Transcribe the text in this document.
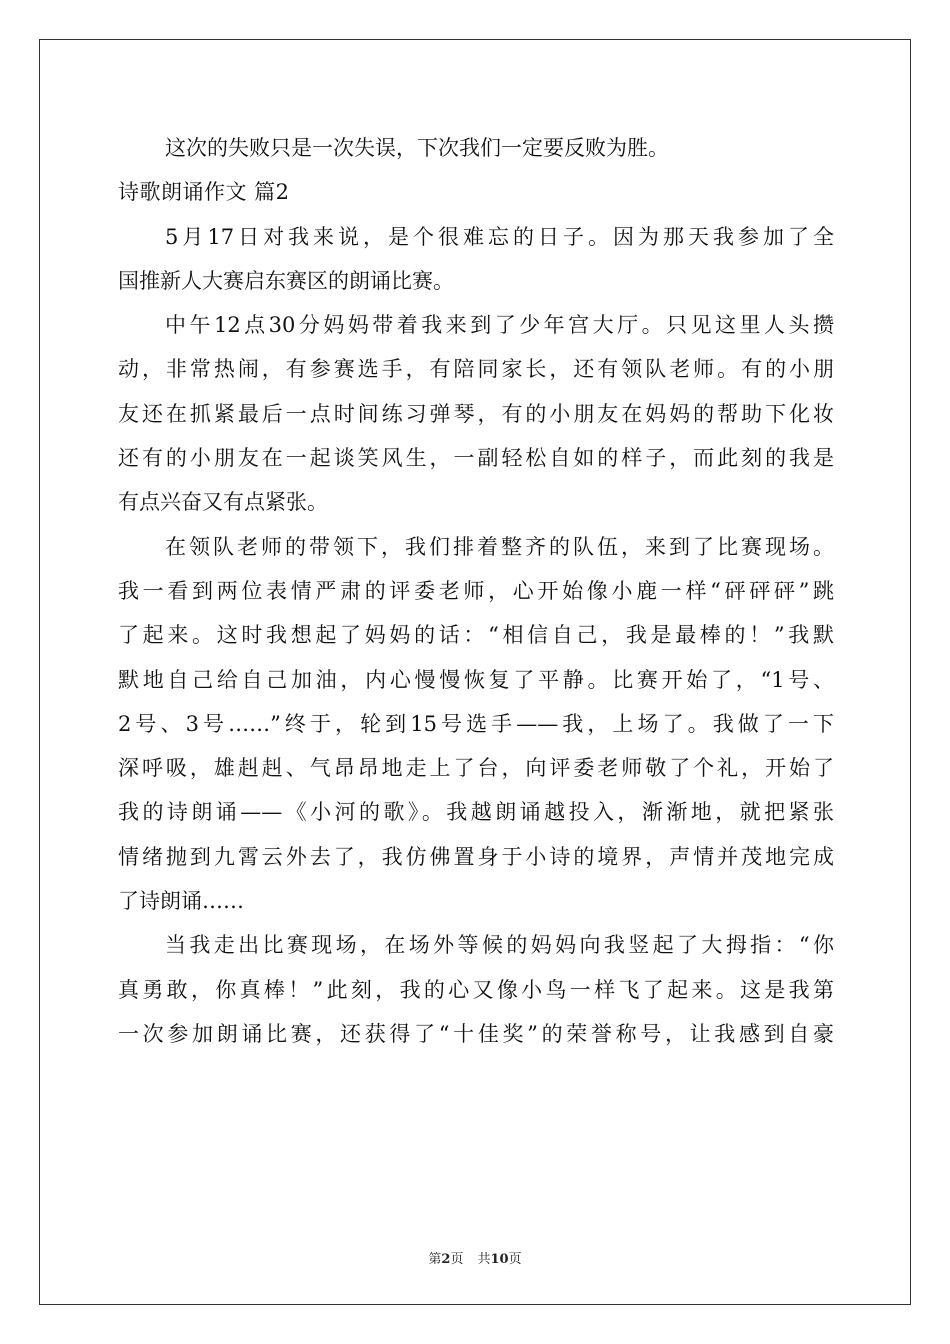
这次的失败只是一次失误，下次我们一定要反败为胜。
诗歌朗诵作文 篇2
5月17日对我来说，是个很难忘的日子。因为那天我参加了全
国推新人大赛启东赛区的朗诵比赛。
中午12点30分妈妈带着我来到了少年宫大厅。只见这里人头攒
动，非常热闹，有参赛选手，有陪同家长，还有领队老师。有的小朋
友还在抓紧最后一点时间练习弹琴，有的小朋友在妈妈的帮助下化妆
还有的小朋友在一起谈笑风生，一副轻松自如的样子，而此刻的我是
有点兴奋又有点紧张。
在领队老师的带领下，我们排着整齐的队伍，来到了比赛现场。
我一看到两位表情严肃的评委老师，心开始像小鹿一样“砰砰砰”跳
了起来。这时我想起了妈妈的话：“相信自己，我是最棒的！”我默
默地自己给自己加油，内心慢慢恢复了平静。比赛开始了，“1号、
2号、3号……”终于，轮到15号选手——我，上场了。我做了一下
深呼吸，雄赳赳、气昂昂地走上了台，向评委老师敬了个礼，开始了
我的诗朗诵——《小河的歌》。我越朗诵越投入，渐渐地，就把紧张
情绪抛到九霄云外去了，我仿佛置身于小诗的境界，声情并茂地完成
了诗朗诵……
当我走出比赛现场，在场外等候的妈妈向我竖起了大拇指：“你
真勇敢，你真棒！”此刻，我的心又像小鸟一样飞了起来。这是我第
一次参加朗诵比赛，还获得了“十佳奖”的荣誉称号，让我感到自豪
第2页 共10页
